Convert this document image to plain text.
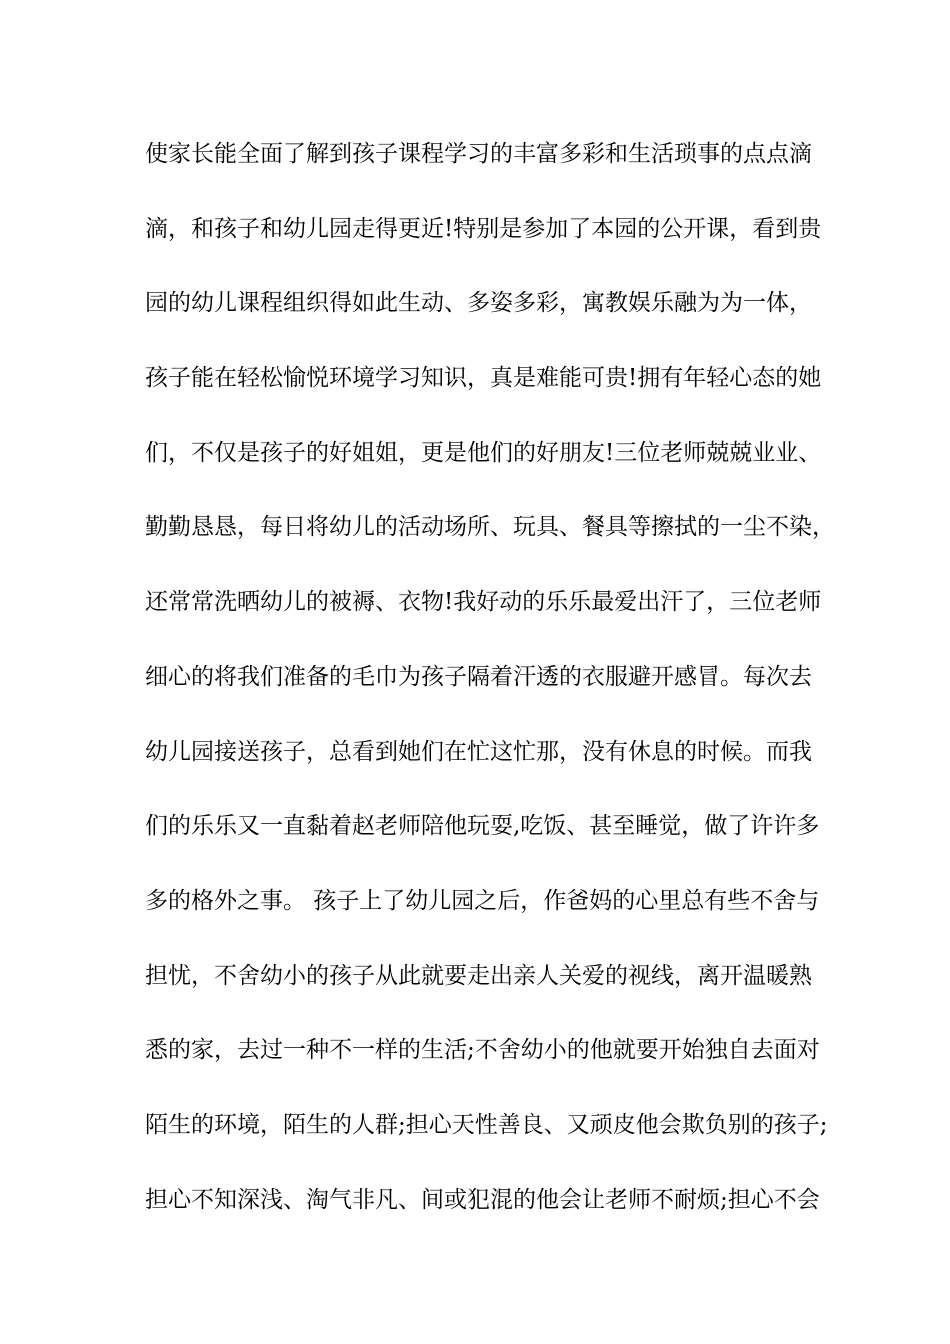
使家长能全面了解到孩子课程学习的丰富多彩和生活琐事的点点滴
滴，和孩子和幼儿园走得更近!特别是参加了本园的公开课，看到贵
园的幼儿课程组织得如此生动、多姿多彩，寓教娱乐融为为一体，
孩子能在轻松愉悦环境学习知识，真是难能可贵!拥有年轻心态的她
们，不仅是孩子的好姐姐，更是他们的好朋友!三位老师兢兢业业、
勤勤恳恳，每日将幼儿的活动场所、玩具、餐具等擦拭的一尘不染，
还常常洗晒幼儿的被褥、衣物!我好动的乐乐最爱出汗了，三位老师
细心的将我们准备的毛巾为孩子隔着汗透的衣服避开感冒。每次去
幼儿园接送孩子，总看到她们在忙这忙那，没有休息的时候。而我
们的乐乐又一直黏着赵老师陪他玩耍,吃饭、甚至睡觉，做了许许多
多的格外之事。 孩子上了幼儿园之后，作爸妈的心里总有些不舍与
担忧，不舍幼小的孩子从此就要走出亲人关爱的视线，离开温暖熟
悉的家，去过一种不一样的生活;不舍幼小的他就要开始独自去面对
陌生的环境，陌生的人群;担心天性善良、又顽皮他会欺负别的孩子;
担心不知深浅、淘气非凡、间或犯混的他会让老师不耐烦;担心不会
